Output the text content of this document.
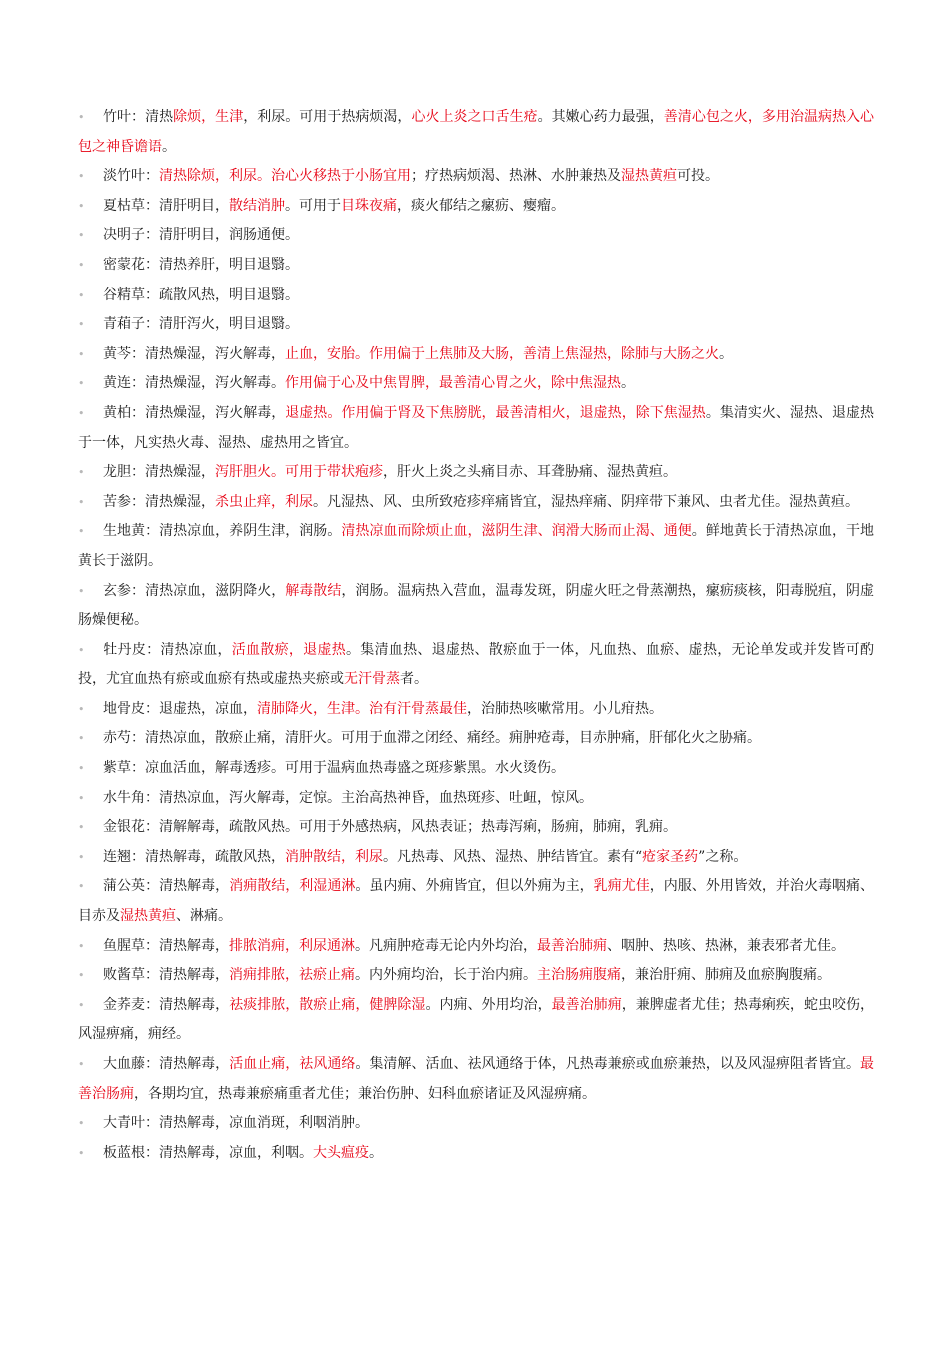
• 竹叶：清热除烦，生津，利尿。可用于热病烦渴，心火上炎之口舌生疮。其嫩心药力最强，善清心包之火，多用治温病热入心包之神昏谵语。

• 淡竹叶：清热除烦，利尿。治心火移热于小肠宜用；疗热病烦渴、热淋、水肿兼热及湿热黄疸可投。

• 夏枯草：清肝明目，散结消肿。可用于目珠夜痛，痰火郁结之瘰疬、瘿瘤。

• 决明子：清肝明目，润肠通便。

• 密蒙花：清热养肝，明目退翳。

• 谷精草：疏散风热，明目退翳。

• 青葙子：清肝泻火，明目退翳。

• 黄芩：清热燥湿，泻火解毒，止血，安胎。作用偏于上焦肺及大肠，善清上焦湿热，除肺与大肠之火。

• 黄连：清热燥湿，泻火解毒。作用偏于心及中焦胃脾，最善清心胃之火，除中焦湿热。

• 黄柏：清热燥湿，泻火解毒，退虚热。作用偏于肾及下焦膀胱，最善清相火，退虚热，除下焦湿热。集清实火、湿热、退虚热于一体，凡实热火毒、湿热、虚热用之皆宜。

• 龙胆：清热燥湿，泻肝胆火。可用于带状疱疹，肝火上炎之头痛目赤、耳聋胁痛、湿热黄疸。

• 苦参：清热燥湿，杀虫止痒，利尿。凡湿热、风、虫所致疮疹痒痛皆宜，湿热痒痛、阴痒带下兼风、虫者尤佳。湿热黄疸。

• 生地黄：清热凉血，养阴生津，润肠。清热凉血而除烦止血，滋阴生津、润滑大肠而止渴、通便。鲜地黄长于清热凉血，干地黄长于滋阴。

• 玄参：清热凉血，滋阴降火，解毒散结，润肠。温病热入营血，温毒发斑，阴虚火旺之骨蒸潮热，瘰疬痰核，阳毒脱疽，阴虚肠燥便秘。

• 牡丹皮：清热凉血，活血散瘀，退虚热。集清血热、退虚热、散瘀血于一体，凡血热、血瘀、虚热，无论单发或并发皆可酌投，尤宜血热有瘀或血瘀有热或虚热夹瘀或无汗骨蒸者。

• 地骨皮：退虚热，凉血，清肺降火，生津。治有汗骨蒸最佳，治肺热咳嗽常用。小儿疳热。

• 赤芍：清热凉血，散瘀止痛，清肝火。可用于血滞之闭经、痛经。痈肿疮毒，目赤肿痛，肝郁化火之胁痛。

• 紫草：凉血活血，解毒透疹。可用于温病血热毒盛之斑疹紫黑。水火烫伤。

• 水牛角：清热凉血，泻火解毒，定惊。主治高热神昏，血热斑疹、吐衄，惊风。

• 金银花：清解解毒，疏散风热。可用于外感热病，风热表证；热毒泻痢，肠痈，肺痈，乳痈。

• 连翘：清热解毒，疏散风热，消肿散结，利尿。凡热毒、风热、湿热、肿结皆宜。素有“疮家圣药”之称。

• 蒲公英：清热解毒，消痈散结，利湿通淋。虽内痈、外痈皆宜，但以外痈为主，乳痈尤佳，内服、外用皆效，并治火毒咽痛、目赤及湿热黄疸、淋痛。

• 鱼腥草：清热解毒，排脓消痈，利尿通淋。凡痈肿疮毒无论内外均治，最善治肺痈、咽肿、热咳、热淋，兼表邪者尤佳。

• 败酱草：清热解毒，消痈排脓，祛瘀止痛。内外痈均治，长于治内痈。主治肠痈腹痛，兼治肝痈、肺痈及血瘀胸腹痛。

• 金荞麦：清热解毒，祛痰排脓，散瘀止痛，健脾除湿。内痈、外用均治，最善治肺痈，兼脾虚者尤佳；热毒痢疾，蛇虫咬伤，风湿痹痛，痈经。

• 大血藤：清热解毒，活血止痛，祛风通络。集清解、活血、祛风通络于体，凡热毒兼瘀或血瘀兼热，以及风湿痹阻者皆宜。最善治肠痈，各期均宜，热毒兼瘀痛重者尤佳；兼治伤肿、妇科血瘀诸证及风湿痹痛。

• 大青叶：清热解毒，凉血消斑，利咽消肿。

• 板蓝根：清热解毒，凉血，利咽。大头瘟疫。
